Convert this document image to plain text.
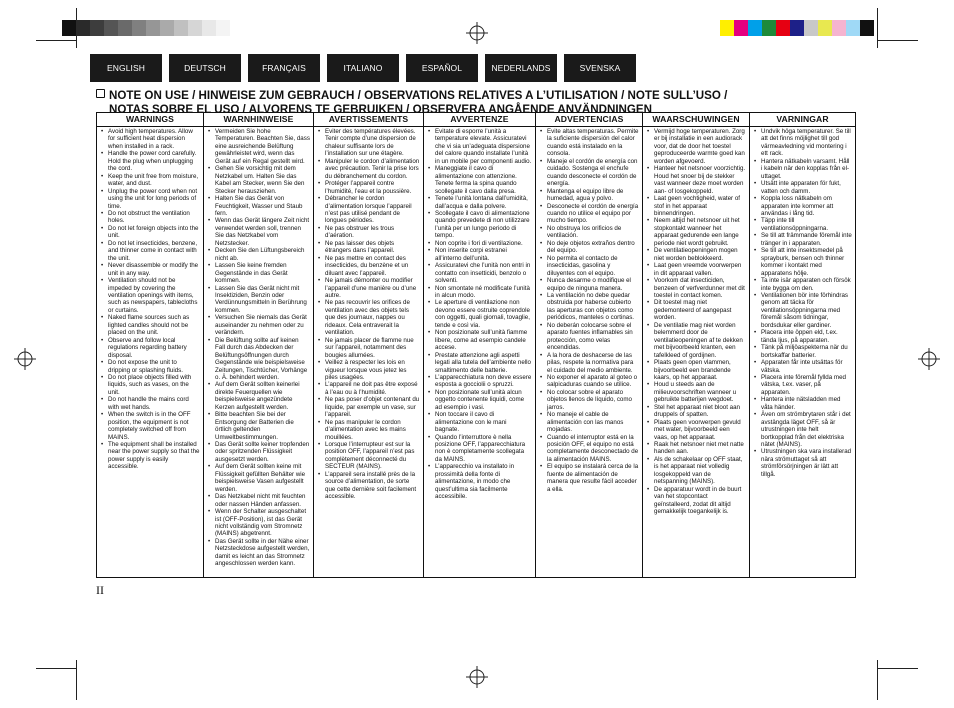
ENGLISH	DEUTSCH	FRANÇAIS	ITALIANO	ESPAÑOL	NEDERLANDS	SVENSKA
NOTE ON USE / HINWEISE ZUM GEBRAUCH / OBSERVATIONS RELATIVES A L’UTILISATION / NOTE SULL’USO /
NOTAS SOBRE EL USO / ALVORENS TE GEBRUIKEN / OBSERVERA ANGÅENDE ANVÄNDNINGEN
WARNINGS
• Avoid high temperatures. Allow for sufficient heat dispersion when installed in a rack.
• Handle the power cord carefully. Hold the plug when unplugging the cord.
• Keep the unit free from moisture, water, and dust.
• Unplug the power cord when not using the unit for long periods of time.
• Do not obstruct the ventilation holes.
• Do not let foreign objects into the unit.
• Do not let insecticides, benzene, and thinner come in contact with the unit.
• Never disassemble or modify the unit in any way.
• Ventilation should not be impeded by covering the ventilation openings with items, such as newspapers, tablecloths or curtains.
• Naked flame sources such as lighted candles should not be placed on the unit.
• Observe and follow local regulations regarding battery disposal.
• Do not expose the unit to dripping or splashing fluids.
• Do not place objects filled with liquids, such as vases, on the unit.
• Do not handle the mains cord with wet hands.
• When the switch is in the OFF position, the equipment is not completely switched off from MAINS.
• The equipment shall be installed near the power supply so that the power supply is easily accessible.
WARNHINWEISE
• Vermeiden Sie hohe Temperaturen. Beachten Sie, dass eine ausreichende Belüftung gewährleistet wird, wenn das Gerät auf ein Regal gestellt wird.
• Gehen Sie vorsichtig mit dem Netzkabel um. Halten Sie das Kabel am Stecker, wenn Sie den Stecker herausziehen.
• Halten Sie das Gerät von Feuchtigkeit, Wasser und Staub fern.
• Wenn das Gerät längere Zeit nicht verwendet werden soll, trennen Sie das Netzkabel vom Netzstecker.
• Decken Sie den Lüftungsbereich nicht ab.
• Lassen Sie keine fremden Gegenstände in das Gerät kommen.
• Lassen Sie das Gerät nicht mit Insektiziden, Benzin oder Verdünnungsmitteln in Berührung kommen.
• Versuchen Sie niemals das Gerät auseinander zu nehmen oder zu verändern.
• Die Belüftung sollte auf keinen Fall durch das Abdecken der Belüftungsöffnungen durch Gegenstände wie beispielsweise Zeitungen, Tischtücher, Vorhänge o. Ä. behindert werden.
• Auf dem Gerät sollten keinerlei direkte Feuerquellen wie beispielsweise angezündete Kerzen aufgestellt werden.
• Bitte beachten Sie bei der Entsorgung der Batterien die örtlich geltenden Umweltbestimmungen.
• Das Gerät sollte keiner tropfenden oder spritzenden Flüssigkeit ausgesetzt werden.
• Auf dem Gerät sollten keine mit Flüssigkeit gefüllten Behälter wie beispielsweise Vasen aufgestellt werden.
• Das Netzkabel nicht mit feuchten oder nassen Händen anfassen.
• Wenn der Schalter ausgeschaltet ist (OFF-Position), ist das Gerät nicht vollständig vom Stromnetz (MAINS) abgetrennt.
• Das Gerät sollte in der Nähe einer Netzsteckdose aufgestellt werden, damit es leicht an das Stromnetz angeschlossen werden kann.
AVERTISSEMENTS
• Eviter des températures élevées. Tenir compte d’une dispersion de chaleur suffisante lors de l’installation sur une étagère.
• Manipuler le cordon d’alimentation avec précaution. Tenir la prise lors du débranchement du cordon.
• Protéger l’appareil contre l’humidité, l’eau et la poussière.
• Débrancher le cordon d’alimentation lorsque l’appareil n’est pas utilisé pendant de longues périodes.
• Ne pas obstruer les trous d’aération.
• Ne pas laisser des objets étrangers dans l’appareil.
• Ne pas mettre en contact des insecticides, du benzène et un diluant avec l’appareil.
• Ne jamais démonter ou modifier l’appareil d’une manière ou d’une autre.
• Ne pas recouvrir les orifices de ventilation avec des objets tels que des journaux, nappes ou rideaux. Cela entraverait la ventilation.
• Ne jamais placer de flamme nue sur l’appareil, notamment des bougies allumées.
• Veillez à respecter les lois en vigueur lorsque vous jetez les piles usagées.
• L’appareil ne doit pas être exposé à l’eau ou à l’humidité.
• Ne pas poser d’objet contenant du liquide, par exemple un vase, sur l’appareil.
• Ne pas manipuler le cordon d’alimentation avec les mains mouillées.
• Lorsque l’interrupteur est sur la position OFF, l’appareil n’est pas complètement déconnecté du SECTEUR (MAINS).
• L’appareil sera installé près de la source d’alimentation, de sorte que cette dernière soit facilement accessible.
AVVERTENZE
• Evitate di esporre l’unità a temperature elevate. Assicuratevi che vi sia un’adeguata dispersione del calore quando installate l’unità in un mobile per componenti audio.
• Maneggiate il cavo di alimentazione con attenzione. Tenete ferma la spina quando scollegate il cavo dalla presa.
• Tenete l’unità lontana dall’umidità, dall’acqua e dalla polvere.
• Scollegate il cavo di alimentazione quando prevedete di non utilizzare l’unità per un lungo periodo di tempo.
• Non coprite i fori di ventilazione.
• Non inserite corpi estranei all’interno dell’unità.
• Assicuratevi che l’unità non entri in contatto con insetticidi, benzolo o solventi.
• Non smontate né modificate l’unità in alcun modo.
• Le aperture di ventilazione non devono essere ostruite coprendole con oggetti, quali giornali, tovaglie, tende e così via.
• Non posizionate sull’unità fiamme libere, come ad esempio candele accese.
• Prestate attenzione agli aspetti legati alla tutela dell’ambiente nello smaltimento delle batterie.
• L’apparecchiatura non deve essere esposta a gocciolii o spruzzi.
• Non posizionate sull’unità alcun oggetto contenente liquidi, come ad esempio i vasi.
• Non toccare il cavo di alimentazione con le mani bagnate.
• Quando l’interruttore è nella posizione OFF, l’apparecchiatura non è completamente scollegata da MAINS.
• L’apparecchio va installato in prossimità della fonte di alimentazione, in modo che quest’ultima sia facilmente accessibile.
ADVERTENCIAS
• Evite altas temperaturas. Permite la suficiente dispersión del calor cuando está instalado en la consola.
• Maneje el cordón de energía con cuidado. Sostenga el enchufe cuando desconecte el cordón de energía.
• Mantenga el equipo libre de humedad, agua y polvo.
• Desconecte el cordón de energía cuando no utilice el equipo por mucho tiempo.
• No obstruya los orificios de ventilación.
• No deje objetos extraños dentro del equipo.
• No permita el contacto de insecticidas, gasolina y diluyentes con el equipo.
• Nunca desarme o modifique el equipo de ninguna manera.
• La ventilación no debe quedar obstruida por haberse cubierto las aperturas con objetos como periódicos, manteles o cortinas.
• No deberán colocarse sobre el aparato fuentes inflamables sin protección, como velas encendidas.
• A la hora de deshacerse de las pilas, respete la normativa para el cuidado del medio ambiente.
• No exponer el aparato al goteo o salpicaduras cuando se utilice.
• No colocar sobre el aparato objetos llenos de líquido, como jarros.
• No maneje el cable de alimentación con las manos mojadas.
• Cuando el interruptor está en la posición OFF, el equipo no está completamente desconectado de la alimentación MAINS.
• El equipo se instalará cerca de la fuente de alimentación de manera que resulte fácil acceder a ella.
WAARSCHUWINGEN
• Vermijd hoge temperaturen. Zorg er bij installatie in een audiorack voor, dat de door het toestel geproduceerde warmte goed kan worden afgevoerd.
• Hanteer het netsnoer voorzichtig. Houd het snoer bij de stekker vast wanneer deze moet worden aan- of losgekoppeld.
• Laat geen vochtigheid, water of stof in het apparaat binnendringen.
• Neem altijd het netsnoer uit het stopkontakt wanneer het apparaat gedurende een lange periode niet wordt gebruikt.
• De ventilatieopeningen mogen niet worden beblokkeerd.
• Laat geen vreemde voorwerpen in dit apparaat vallen.
• Voorkom dat insecticiden, benzeen of verfverdunner met dit toestel in contact komen.
• Dit toestel mag niet gedemonteerd of aangepast worden.
• De ventilatie mag niet worden belemmerd door de ventilatieopeningen af te dekken met bijvoorbeeld kranten, een tafelkleed of gordijnen.
• Plaats geen open vlammen, bijvoorbeeld een brandende kaars, op het apparaat.
• Houd u steeds aan de milieuvoorschriften wanneer u gebruikte batterijen wegdoet.
• Stel het apparaat niet bloot aan druppels of spatten.
• Plaats geen voorwerpen gevuld met water, bijvoorbeeld een vaas, op het apparaat.
• Raak het netsnoer niet met natte handen aan.
• Als de schakelaar op OFF staat, is het apparaat niet volledig losgekoppeld van de netspanning (MAINS).
• De apparatuur wordt in de buurt van het stopcontact geïnstalleerd, zodat dit altijd gemakkelijk toegankelijk is.
VARNINGAR
• Undvik höga temperaturer. Se till att det finns möjlighet till god värmeavledning vid montering i ett rack.
• Hantera nätkabeln varsamt. Håll i kabeln när den kopplas från el-uttaget.
• Utsätt inte apparaten för fukt, vatten och damm.
• Koppla loss nätkabeln om apparaten inte kommer att användas i lång tid.
• Täpp inte till ventilationsöppningarna.
• Se till att främmande föremål inte tränger in i apparaten.
• Se till att inte insektsmedel på sprayburk, bensen och thinner kommer i kontakt med apparatens hölje.
• Ta inte isär apparaten och försök inte bygga om den.
• Ventilationen bör inte förhindras genom att täcka för ventilationsöppningarna med föremål såsom tidningar, bordsdukar eller gardiner.
• Placera inte öppen eld, t.ex. tända ljus, på apparaten.
• Tänk på miljöaspekterna när du bortskaffar batterier.
• Apparaten får inte utsättas för vätska.
• Placera inte föremål fyllda med vätska, t.ex. vaser, på apparaten.
• Hantera inte nätsladden med våta händer.
• Även om strömbrytaren står i det avstängda läget OFF, så är utrustningen inte helt bortkopplad från det elektriska nätet (MAINS).
• Utrustningen ska vara installerad nära strömuttaget så att strömförsörjningen är lätt att tillgå.
II
